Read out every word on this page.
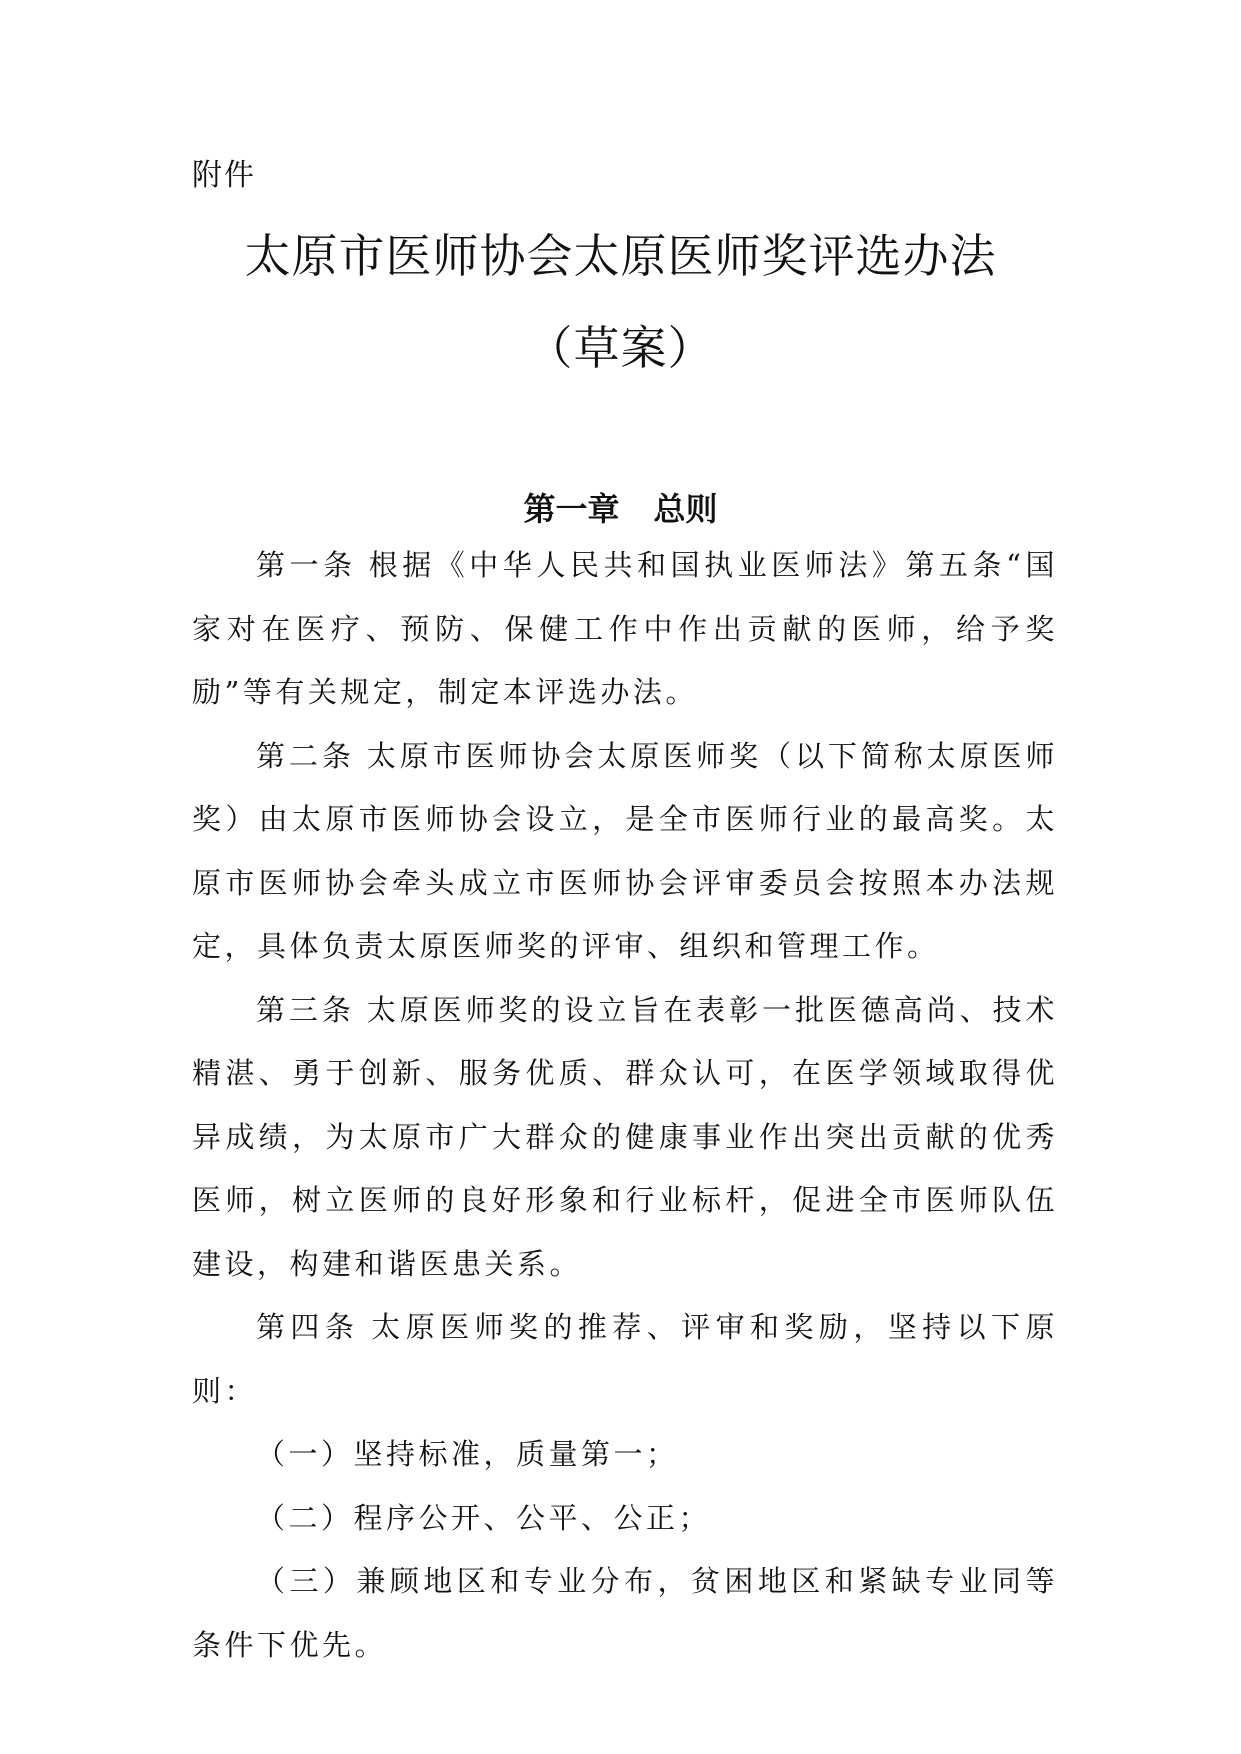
附件
太原市医师协会太原医师奖评选办法
（草案）
第一章 总则

第一条 根据《中华人民共和国执业医师法》第五条“国家对在医疗、预防、保健工作中作出贡献的医师，给予奖励”等有关规定，制定本评选办法。

第二条 太原市医师协会太原医师奖（以下简称太原医师奖）由太原市医师协会设立，是全市医师行业的最高奖。太原市医师协会牵头成立市医师协会评审委员会按照本办法规定，具体负责太原医师奖的评审、组织和管理工作。

第三条 太原医师奖的设立旨在表彰一批医德高尚、技术精湛、勇于创新、服务优质、群众认可，在医学领域取得优异成绩，为太原市广大群众的健康事业作出突出贡献的优秀医师，树立医师的良好形象和行业标杆，促进全市医师队伍建设，构建和谐医患关系。

第四条 太原医师奖的推荐、评审和奖励，坚持以下原则：

（一）坚持标准，质量第一；

（二）程序公开、公平、公正；

（三）兼顾地区和专业分布，贫困地区和紧缺专业同等条件下优先。
